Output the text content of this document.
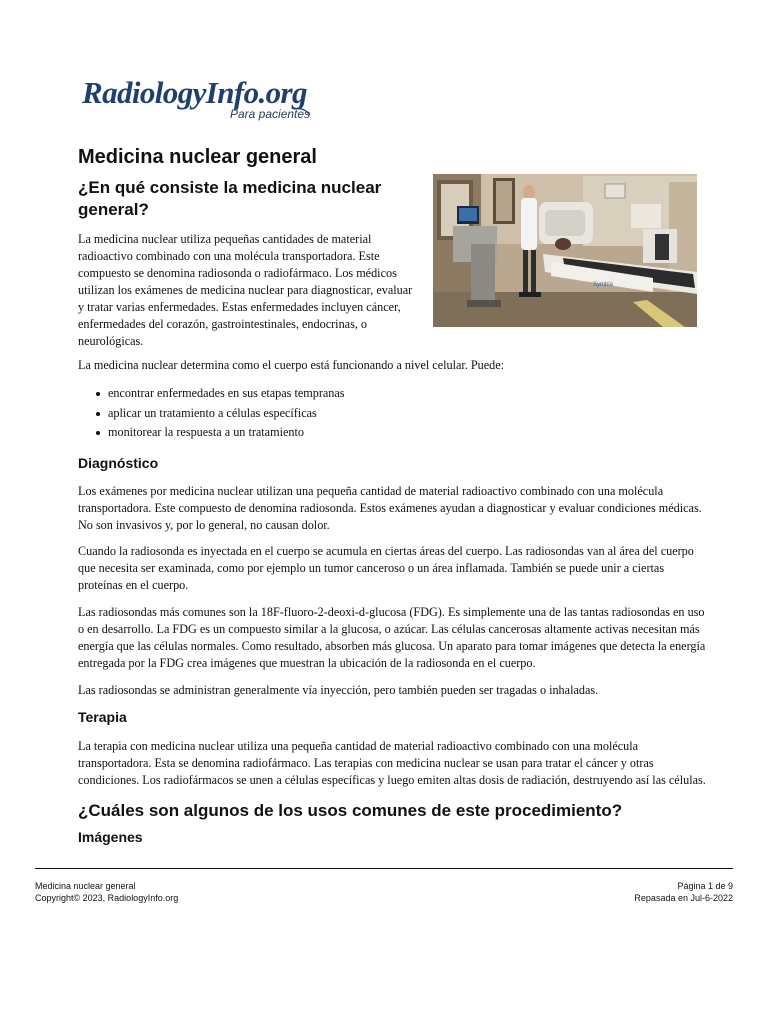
RadiologyInfo.org
Para pacientes
Medicina nuclear general
¿En qué consiste la medicina nuclear general?

La medicina nuclear utiliza pequeñas cantidades de material radioactivo combinado con una molécula transportadora. Este compuesto se denomina radiosonda o radiofármaco. Los médicos utilizan los exámenes de medicina nuclear para diagnosticar, evaluar y tratar varias enfermedades. Estas enfermedades incluyen cáncer, enfermedades del corazón, gastrointestinales, endocrinas, o neurológicas.

Symbia

La medicina nuclear determina como el cuerpo está funcionando a nivel celular. Puede:

encontrar enfermedades en sus etapas tempranas
aplicar un tratamiento a células específicas
monitorear la respuesta a un tratamiento
Diagnóstico

Los exámenes por medicina nuclear utilizan una pequeña cantidad de material radioactivo combinado con una molécula transportadora. Este compuesto de denomina radiosonda. Estos exámenes ayudan a diagnosticar y evaluar condiciones médicas. No son invasivos y, por lo general, no causan dolor.

Cuando la radiosonda es inyectada en el cuerpo se acumula en ciertas áreas del cuerpo. Las radiosondas van al área del cuerpo que necesita ser examinada, como por ejemplo un tumor canceroso o un área inflamada. También se puede unir a ciertas proteínas en el cuerpo.

Las radiosondas más comunes son la 18F-fluoro-2-deoxi-d-glucosa (FDG). Es simplemente una de las tantas radiosondas en uso o en desarrollo. La FDG es un compuesto similar a la glucosa, o azúcar. Las células cancerosas altamente activas necesitan más energía que las células normales. Como resultado, absorben más glucosa. Un aparato para tomar imágenes que detecta la energía entregada por la FDG crea imágenes que muestran la ubicación de la radiosonda en el cuerpo.

Las radiosondas se administran generalmente vía inyección, pero también pueden ser tragadas o inhaladas.

Terapia

La terapia con medicina nuclear utiliza una pequeña cantidad de material radioactivo combinado con una molécula transportadora. Esta se denomina radiofármaco. Las terapias con medicina nuclear se usan para tratar el cáncer y otras condiciones. Los radiofármacos se unen a células específicas y luego emiten altas dosis de radiación, destruyendo así las células.

¿Cuáles son algunos de los usos comunes de este procedimiento?
Imágenes

Medicina nuclear general

Copyright© 2023, RadiologyInfo.org

Página 1 de 9

Repasada en Jul-6-2022
